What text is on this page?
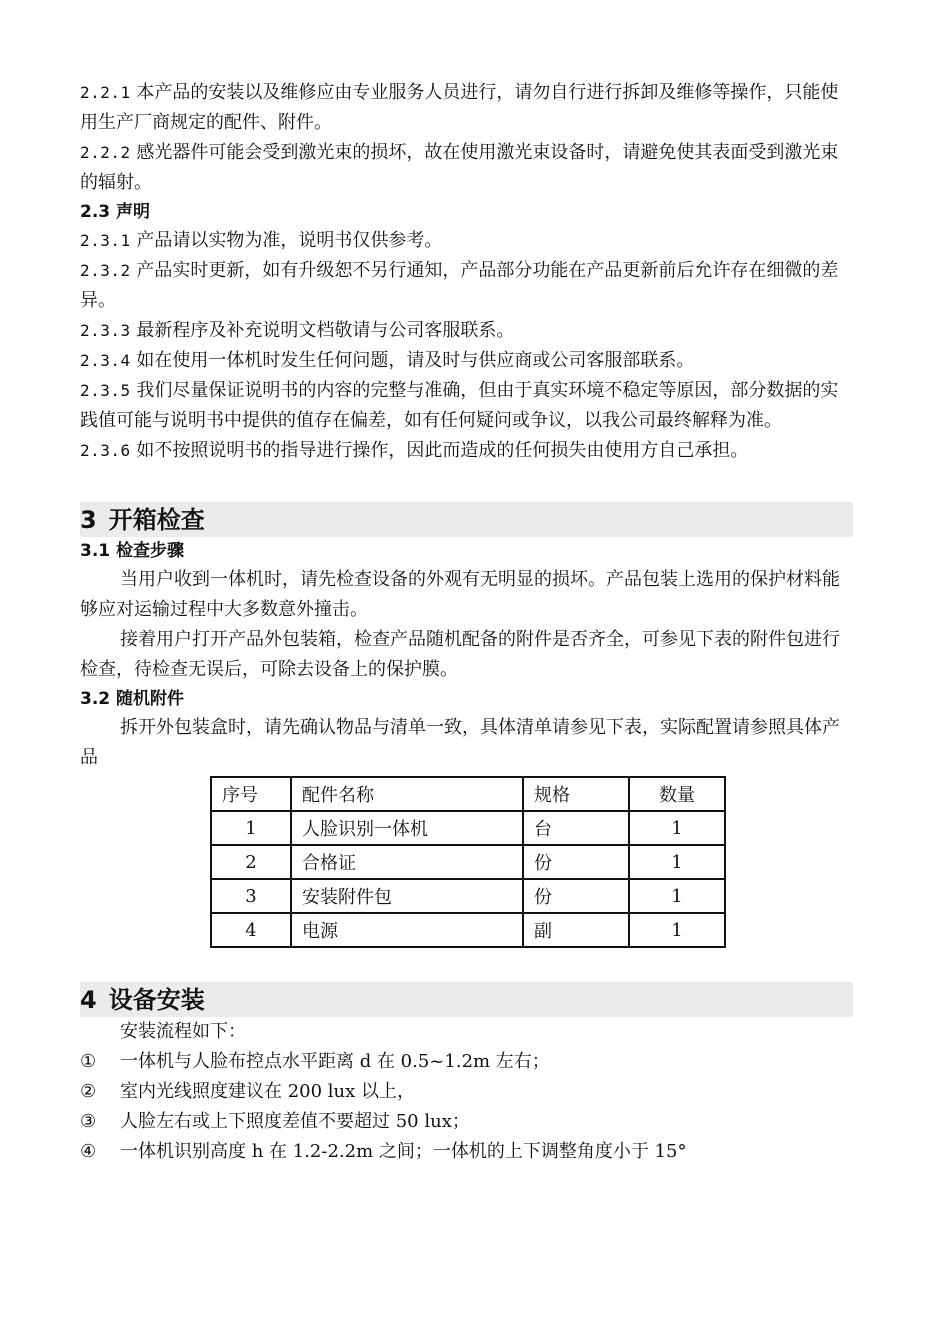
2.2.1 本产品的安装以及维修应由专业服务人员进行，请勿自行进行拆卸及维修等操作，只能使用生产厂商规定的配件、附件。
2.2.2 感光器件可能会受到激光束的损坏，故在使用激光束设备时，请避免使其表面受到激光束的辐射。
2.3 声明
2.3.1 产品请以实物为准，说明书仅供参考。
2.3.2 产品实时更新，如有升级恕不另行通知，产品部分功能在产品更新前后允许存在细微的差异。
2.3.3 最新程序及补充说明文档敬请与公司客服联系。
2.3.4 如在使用一体机时发生任何问题，请及时与供应商或公司客服部联系。
2.3.5 我们尽量保证说明书的内容的完整与准确，但由于真实环境不稳定等原因，部分数据的实践值可能与说明书中提供的值存在偏差，如有任何疑问或争议，以我公司最终解释为准。
2.3.6 如不按照说明书的指导进行操作，因此而造成的任何损失由使用方自己承担。
3 开箱检查
3.1 检查步骤
当用户收到一体机时，请先检查设备的外观有无明显的损坏。产品包装上选用的保护材料能够应对运输过程中大多数意外撞击。
接着用户打开产品外包装箱，检查产品随机配备的附件是否齐全，可参见下表的附件包进行检查，待检查无误后，可除去设备上的保护膜。
3.2 随机附件
拆开外包装盒时，请先确认物品与清单一致，具体清单请参见下表，实际配置请参照具体产品
序号	配件名称	规格	数量
1	人脸识别一体机	台	1
2	合格证	份	1
3	安装附件包	份	1
4	电源	副	1
4 设备安装
安装流程如下：
①	一体机与人脸布控点水平距离 d 在 0.5~1.2m 左右；
②	室内光线照度建议在 200 lux 以上，
③	人脸左右或上下照度差值不要超过 50 lux；
④	一体机识别高度 h 在 1.2-2.2m 之间；一体机的上下调整角度小于 15°
